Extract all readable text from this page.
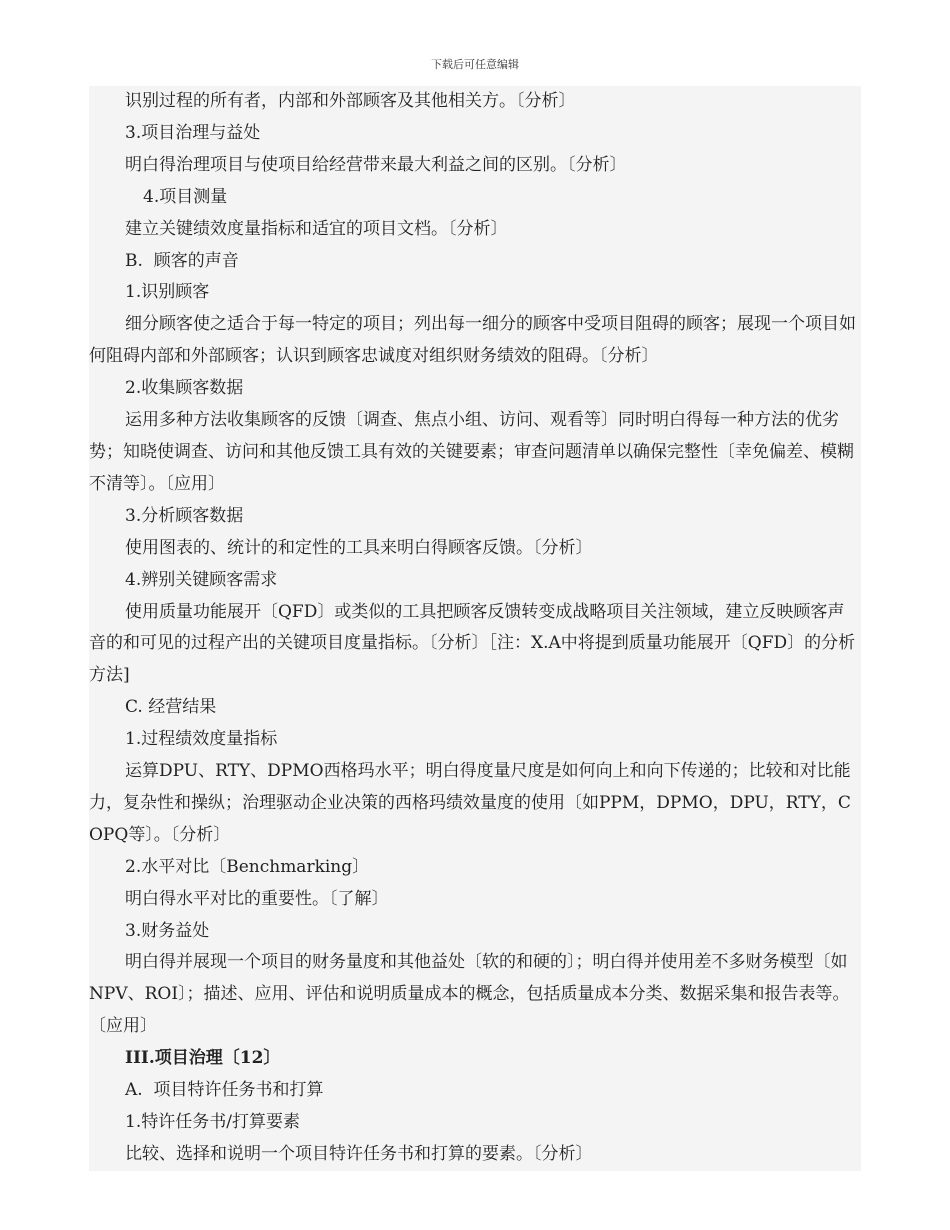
下载后可任意编辑

识别过程的所有者，内部和外部顾客及其他相关方。〔分析〕

3.项目治理与益处

明白得治理项目与使项目给经营带来最大利益之间的区别。〔分析〕

4.项目测量

建立关键绩效度量指标和适宜的项目文档。〔分析〕

B.  顾客的声音

1.识别顾客

细分顾客使之适合于每一特定的项目；列出每一细分的顾客中受项目阻碍的顾客；展现一个项目如何阻碍内部和外部顾客；认识到顾客忠诚度对组织财务绩效的阻碍。〔分析〕

2.收集顾客数据

运用多种方法收集顾客的反馈〔调查、焦点小组、访问、观看等〕同时明白得每一种方法的优劣势；知晓使调查、访问和其他反馈工具有效的关键要素；审查问题清单以确保完整性〔幸免偏差、模糊不清等〕。〔应用〕

3.分析顾客数据

使用图表的、统计的和定性的工具来明白得顾客反馈。〔分析〕

4.辨别关键顾客需求

使用质量功能展开〔QFD〕或类似的工具把顾客反馈转变成战略项目关注领域，建立反映顾客声音的和可见的过程产出的关键项目度量指标。〔分析〕［注：X.A中将提到质量功能展开〔QFD〕的分析方法]

C. 经营结果

1.过程绩效度量指标

运算DPU、RTY、DPMO西格玛水平；明白得度量尺度是如何向上和向下传递的；比较和对比能力，复杂性和操纵；治理驱动企业决策的西格玛绩效量度的使用〔如PPM，DPMO，DPU，RTY，COPQ等〕。〔分析〕

2.水平对比〔Benchmarking〕

明白得水平对比的重要性。〔了解〕

3.财务益处

明白得并展现一个项目的财务量度和其他益处〔软的和硬的〕；明白得并使用差不多财务模型〔如NPV、ROI〕；描述、应用、评估和说明质量成本的概念，包括质量成本分类、数据采集和报告表等。〔应用〕

III.项目治理〔12〕

A.  项目特许任务书和打算

1.特许任务书/打算要素

比较、选择和说明一个项目特许任务书和打算的要素。〔分析〕
